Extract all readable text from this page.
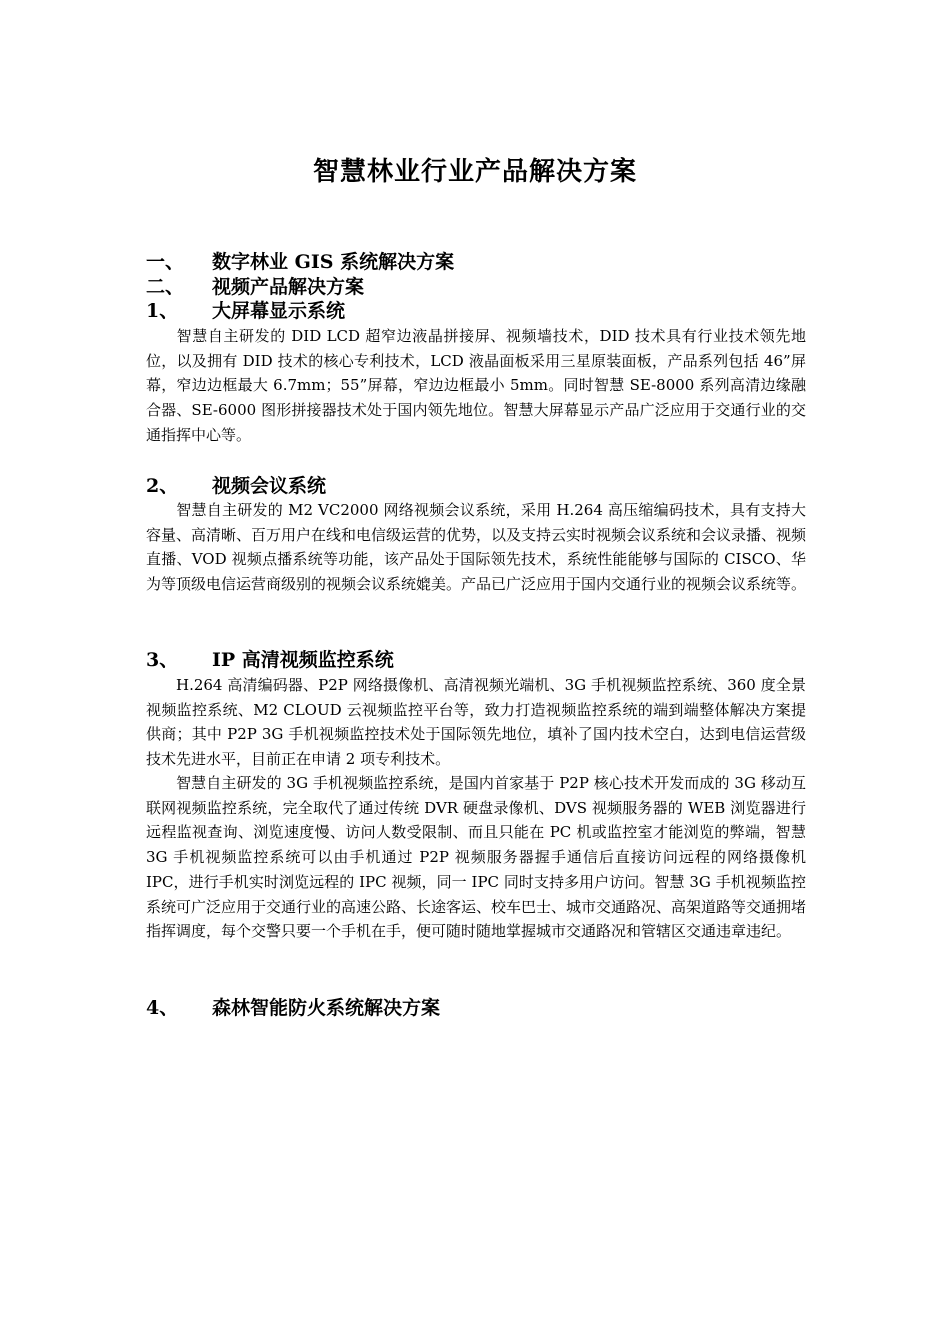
智慧林业行业产品解决方案
一、 数字林业 GIS 系统解决方案
二、 视频产品解决方案
1、 大屏幕显示系统

智慧自主研发的 DID LCD 超窄边液晶拼接屏、视频墙技术，DID 技术具有行业技术领先地位，以及拥有 DID 技术的核心专利技术，LCD 液晶面板采用三星原装面板，产品系列包括 46”屏幕，窄边边框最大 6.7mm；55”屏幕，窄边边框最小 5mm。同时智慧 SE-8000 系列高清边缘融合器、SE-6000 图形拼接器技术处于国内领先地位。智慧大屏幕显示产品广泛应用于交通行业的交通指挥中心等。

2、 视频会议系统

智慧自主研发的 M2 VC2000 网络视频会议系统，采用 H.264 高压缩编码技术，具有支持大容量、高清晰、百万用户在线和电信级运营的优势，以及支持云实时视频会议系统和会议录播、视频直播、VOD 视频点播系统等功能，该产品处于国际领先技术，系统性能能够与国际的 CISCO、华为等顶级电信运营商级别的视频会议系统媲美。产品已广泛应用于国内交通行业的视频会议系统等。

3、 IP 高清视频监控系统

H.264 高清编码器、P2P 网络摄像机、高清视频光端机、3G 手机视频监控系统、360 度全景视频监控系统、M2 CLOUD 云视频监控平台等，致力打造视频监控系统的端到端整体解决方案提供商；其中 P2P 3G 手机视频监控技术处于国际领先地位，填补了国内技术空白，达到电信运营级技术先进水平，目前正在申请 2 项专利技术。

智慧自主研发的 3G 手机视频监控系统，是国内首家基于 P2P 核心技术开发而成的 3G 移动互联网视频监控系统，完全取代了通过传统 DVR 硬盘录像机、DVS 视频服务器的 WEB 浏览器进行远程监视查询、浏览速度慢、访问人数受限制、而且只能在 PC 机或监控室才能浏览的弊端，智慧 3G 手机视频监控系统可以由手机通过 P2P 视频服务器握手通信后直接访问远程的网络摄像机 IPC，进行手机实时浏览远程的 IPC 视频，同一 IPC 同时支持多用户访问。智慧 3G 手机视频监控系统可广泛应用于交通行业的高速公路、长途客运、校车巴士、城市交通路况、高架道路等交通拥堵指挥调度，每个交警只要一个手机在手，便可随时随地掌握城市交通路况和管辖区交通违章违纪。

4、 森林智能防火系统解决方案
